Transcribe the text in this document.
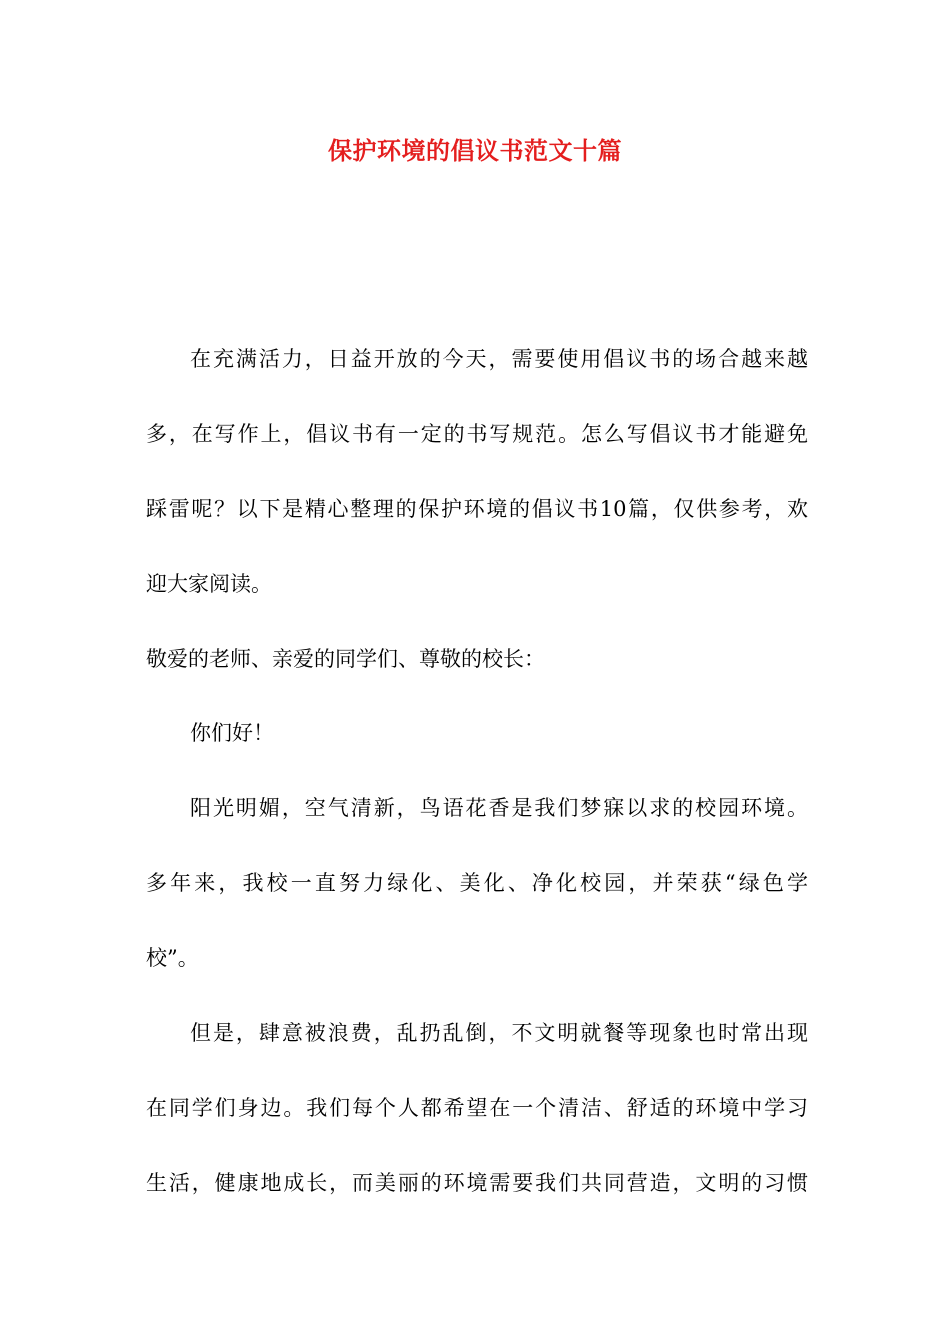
保护环境的倡议书范文十篇
在充满活力，日益开放的今天，需要使用倡议书的场合越来越
多，在写作上，倡议书有一定的书写规范。怎么写倡议书才能避免
踩雷呢？以下是精心整理的保护环境的倡议书10篇，仅供参考，欢
迎大家阅读。
敬爱的老师、亲爱的同学们、尊敬的校长：
你们好！
阳光明媚，空气清新，鸟语花香是我们梦寐以求的校园环境。
多年来，我校一直努力绿化、美化、净化校园，并荣获“绿色学
校”。
但是，肆意被浪费，乱扔乱倒，不文明就餐等现象也时常出现
在同学们身边。我们每个人都希望在一个清洁、舒适的环境中学习
生活，健康地成长，而美丽的环境需要我们共同营造，文明的习惯
